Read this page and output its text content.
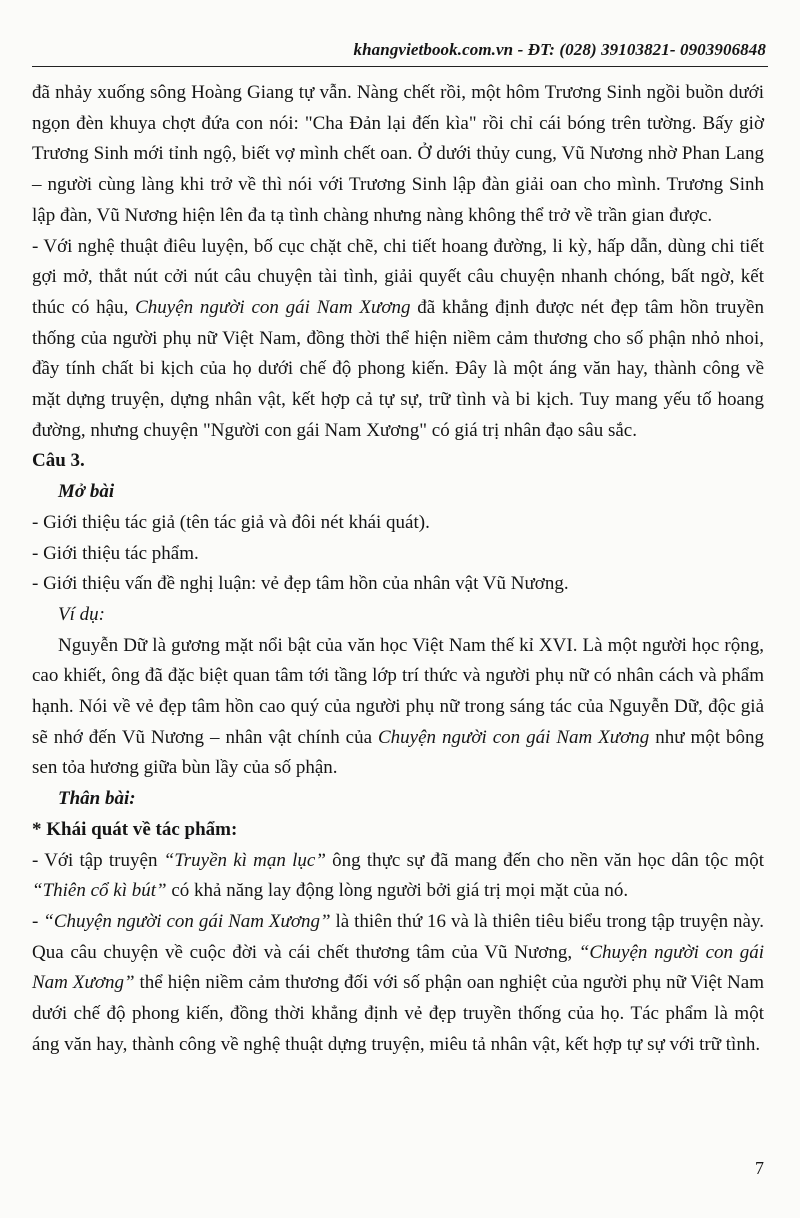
khangvietbook.com.vn - ĐT: (028) 39103821- 0903906848

đã nhảy xuống sông Hoàng Giang tự vẫn. Nàng chết rồi, một hôm Trương Sinh ngồi buồn dưới ngọn đèn khuya chợt đứa con nói: "Cha Đản lại đến kìa" rồi chỉ cái bóng trên tường. Bấy giờ Trương Sinh mới tỉnh ngộ, biết vợ mình chết oan. Ở dưới thủy cung, Vũ Nương nhờ Phan Lang – người cùng làng khi trở về thì nói với Trương Sinh lập đàn giải oan cho mình. Trương Sinh lập đàn, Vũ Nương hiện lên đa tạ tình chàng nhưng nàng không thể trở về trần gian được.

- Với nghệ thuật điêu luyện, bố cục chặt chẽ, chi tiết hoang đường, li kỳ, hấp dẫn, dùng chi tiết gợi mở, thắt nút cởi nút câu chuyện tài tình, giải quyết câu chuyện nhanh chóng, bất ngờ, kết thúc có hậu, Chuyện người con gái Nam Xương đã khẳng định được nét đẹp tâm hồn truyền thống của người phụ nữ Việt Nam, đồng thời thể hiện niềm cảm thương cho số phận nhỏ nhoi, đầy tính chất bi kịch của họ dưới chế độ phong kiến. Đây là một áng văn hay, thành công về mặt dựng truyện, dựng nhân vật, kết hợp cả tự sự, trữ tình và bi kịch. Tuy mang yếu tố hoang đường, nhưng chuyện "Người con gái Nam Xương" có giá trị nhân đạo sâu sắc.

Câu 3.

Mở bài

- Giới thiệu tác giả (tên tác giả và đôi nét khái quát).

- Giới thiệu tác phẩm.

- Giới thiệu vấn đề nghị luận: vẻ đẹp tâm hồn của nhân vật Vũ Nương.

Ví dụ:

Nguyễn Dữ là gương mặt nổi bật của văn học Việt Nam thế kỉ XVI. Là một người học rộng, cao khiết, ông đã đặc biệt quan tâm tới tầng lớp trí thức và người phụ nữ có nhân cách và phẩm hạnh. Nói về vẻ đẹp tâm hồn cao quý của người phụ nữ trong sáng tác của Nguyễn Dữ, độc giả sẽ nhớ đến Vũ Nương – nhân vật chính của Chuyện người con gái Nam Xương như một bông sen tỏa hương giữa bùn lầy của số phận.

Thân bài:

* Khái quát về tác phẩm:

- Với tập truyện “Truyền kì mạn lục” ông thực sự đã mang đến cho nền văn học dân tộc một “Thiên cổ kì bút” có khả năng lay động lòng người bởi giá trị mọi mặt của nó.

- “Chuyện người con gái Nam Xương” là thiên thứ 16 và là thiên tiêu biểu trong tập truyện này. Qua câu chuyện về cuộc đời và cái chết thương tâm của Vũ Nương, “Chuyện người con gái Nam Xương” thể hiện niềm cảm thương đối với số phận oan nghiệt của người phụ nữ Việt Nam dưới chế độ phong kiến, đồng thời khẳng định vẻ đẹp truyền thống của họ. Tác phẩm là một áng văn hay, thành công về nghệ thuật dựng truyện, miêu tả nhân vật, kết hợp tự sự với trữ tình.

7
